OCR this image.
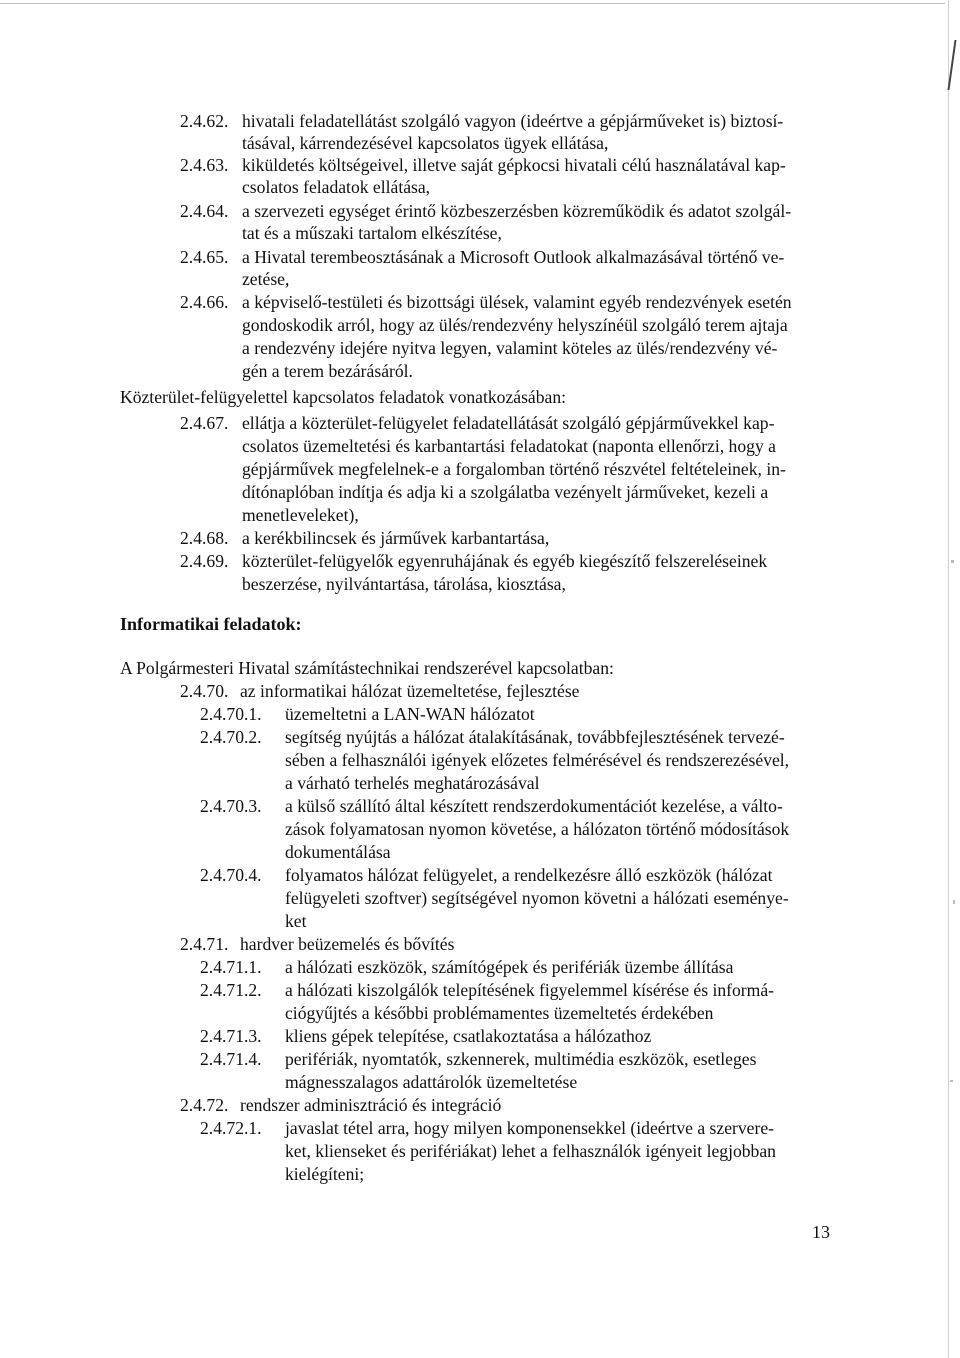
2.4.62. hivatali feladatellátást szolgáló vagyon (ideértve a gépjárműveket is) biztosí-
tásával, kárrendezésével kapcsolatos ügyek ellátása,
2.4.63. kiküldetés költségeivel, illetve saját gépkocsi hivatali célú használatával kap-
csolatos feladatok ellátása,
2.4.64. a szervezeti egységet érintő közbeszerzésben közreműködik és adatot szolgál-
tat és a műszaki tartalom elkészítése,
2.4.65. a Hivatal terembeosztásának a Microsoft Outlook alkalmazásával történő ve-
zetése,
2.4.66. a képviselő-testületi és bizottsági ülések, valamint egyéb rendezvények esetén
gondoskodik arról, hogy az ülés/rendezvény helyszínéül szolgáló terem ajtaja
a rendezvény idejére nyitva legyen, valamint köteles az ülés/rendezvény vé-
gén a terem bezárásáról.
Közterület-felügyelettel kapcsolatos feladatok vonatkozásában:
2.4.67. ellátja a közterület-felügyelet feladatellátását szolgáló gépjárművekkel kap-
csolatos üzemeltetési és karbantartási feladatokat (naponta ellenőrzi, hogy a
gépjárművek megfelelnek-e a forgalomban történő részvétel feltételeinek, in-
dítónaplóban indítja és adja ki a szolgálatba vezényelt járműveket, kezeli a
menetleveleket),
2.4.68. a kerékbilincsek és járművek karbantartása,
2.4.69. közterület-felügyelők egyenruhájának és egyéb kiegészítő felszereléseinek
beszerzése, nyilvántartása, tárolása, kiosztása,
Informatikai feladatok:
A Polgármesteri Hivatal számítástechnikai rendszerével kapcsolatban:
2.4.70. az informatikai hálózat üzemeltetése, fejlesztése
2.4.70.1. üzemeltetni a LAN-WAN hálózatot
2.4.70.2. segítség nyújtás a hálózat átalakításának, továbbfejlesztésének tervezé-
sében a felhasználói igények előzetes felmérésével és rendszerezésével,
a várható terhelés meghatározásával
2.4.70.3. a külső szállító által készített rendszerdokumentációt kezelése, a válto-
zások folyamatosan nyomon követése, a hálózaton történő módosítások
dokumentálása
2.4.70.4. folyamatos hálózat felügyelet, a rendelkezésre álló eszközök (hálózat
felügyeleti szoftver) segítségével nyomon követni a hálózati eseménye-
ket
2.4.71. hardver beüzemelés és bővítés
2.4.71.1. a hálózati eszközök, számítógépek és perifériák üzembe állítása
2.4.71.2. a hálózati kiszolgálók telepítésének figyelemmel kísérése és informá-
ciógyűjtés a későbbi problémamentes üzemeltetés érdekében
2.4.71.3. kliens gépek telepítése, csatlakoztatása a hálózathoz
2.4.71.4. perifériák, nyomtatók, szkennerek, multimédia eszközök, esetleges
mágnesszalagos adattárolók üzemeltetése
2.4.72. rendszer adminisztráció és integráció
2.4.72.1. javaslat tétel arra, hogy milyen komponensekkel (ideértve a szervere-
ket, klienseket és perifériákat) lehet a felhasználók igényeit legjobban
kielégíteni;
13
